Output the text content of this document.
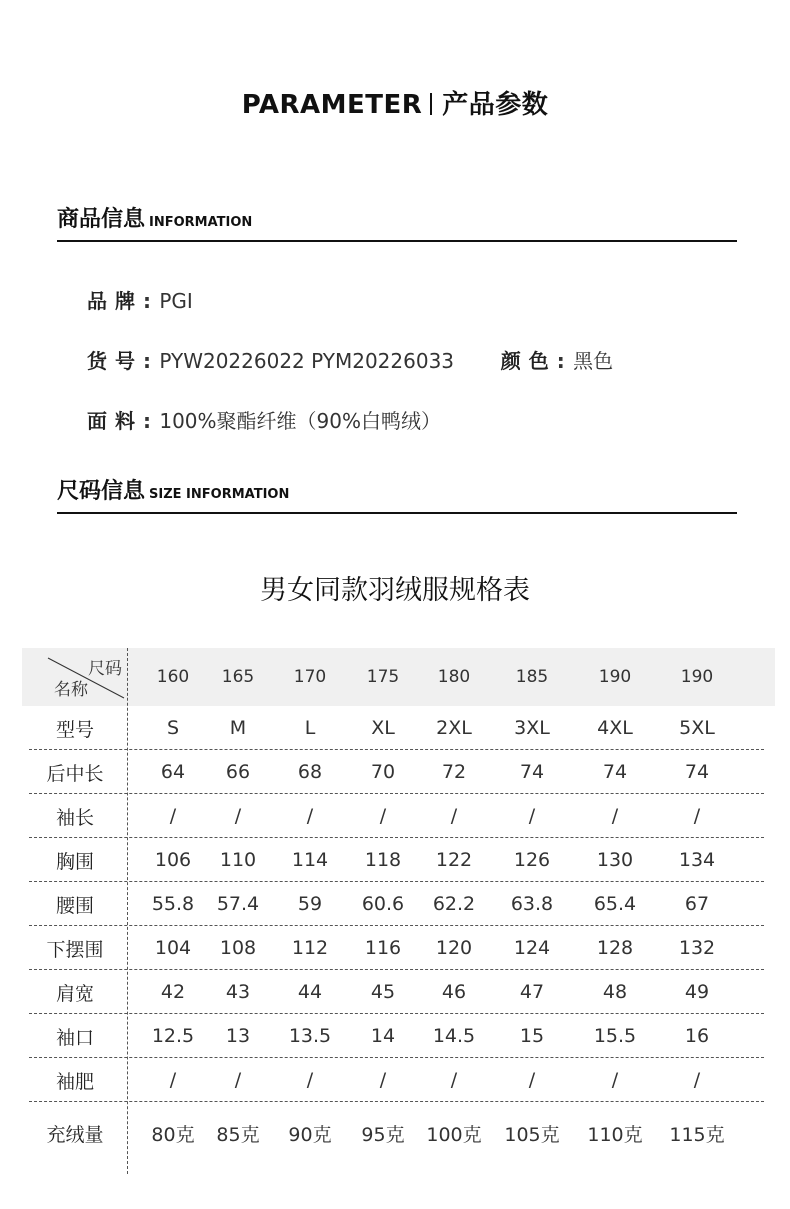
PARAMETER 产品参数
商品信息 INFORMATION
品牌: PGI
货号: PYW20226022 PYM20226033 颜色: 黑色
面料: 100%聚酯纤维（90%白鸭绒）
尺码信息 SIZE INFORMATION
男女同款羽绒服规格表
尺码
名称
160	165	170	175	180	185	190	190
型号	S	M	L	XL	2XL	3XL	4XL	5XL
后中长	64	66	68	70	72	74	74	74
袖长	/	/	/	/	/	/	/	/
胸围	106	110	114	118	122	126	130	134
腰围	55.8	57.4	59	60.6	62.2	63.8	65.4	67
下摆围	104	108	112	116	120	124	128	132
肩宽	42	43	44	45	46	47	48	49
袖口	12.5	13	13.5	14	14.5	15	15.5	16
袖肥	/	/	/	/	/	/	/	/
充绒量	80克	85克	90克	95克	100克	105克	110克	115克
